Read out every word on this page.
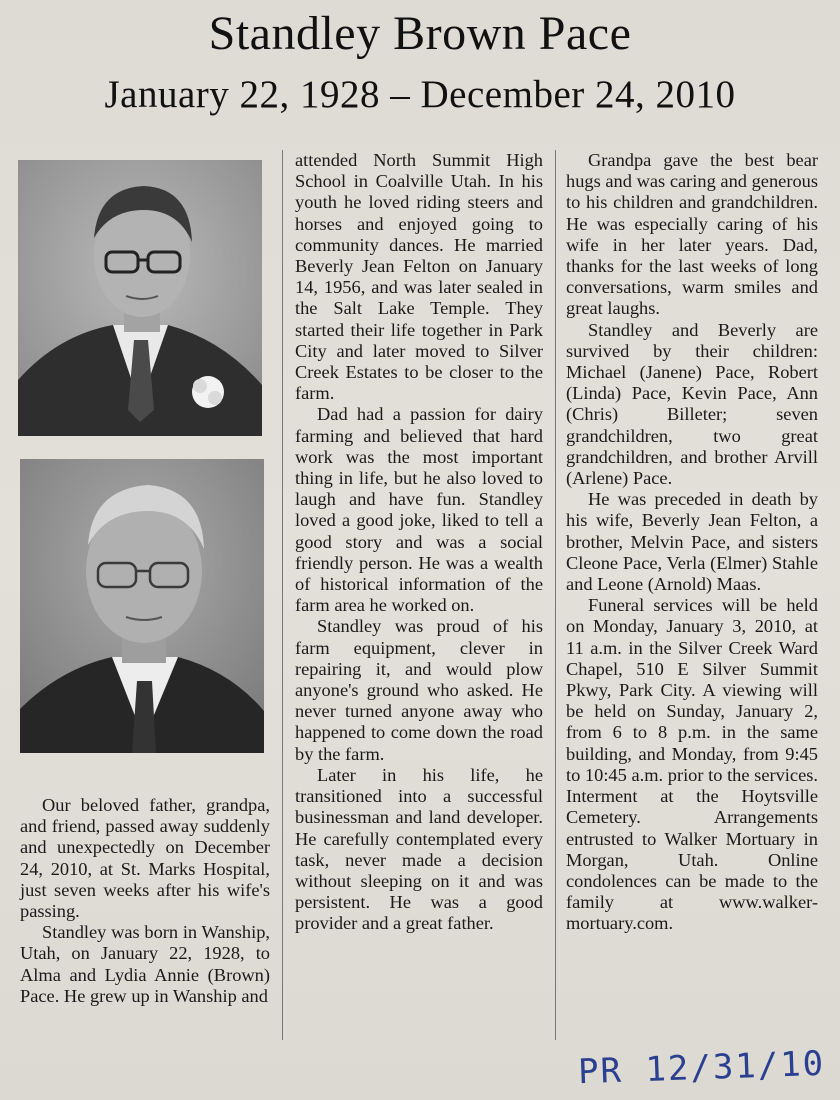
Standley Brown Pace
January 22, 1928 – December 24, 2010

Our beloved father, grandpa, and friend, passed away suddenly and unexpectedly on December 24, 2010, at St. Marks Hospital, just seven weeks after his wife's passing.

Standley was born in Wanship, Utah, on January 22, 1928, to Alma and Lydia Annie (Brown) Pace. He grew up in Wanship and

attended North Summit High School in Coalville Utah. In his youth he loved riding steers and horses and enjoyed going to community dances. He married Beverly Jean Felton on January 14, 1956, and was later sealed in the Salt Lake Temple. They started their life together in Park City and later moved to Silver Creek Estates to be closer to the farm.

Dad had a passion for dairy farming and believed that hard work was the most important thing in life, but he also loved to laugh and have fun. Standley loved a good joke, liked to tell a good story and was a social friendly person. He was a wealth of historical information of the farm area he worked on.

Standley was proud of his farm equipment, clever in repairing it, and would plow anyone's ground who asked. He never turned anyone away who happened to come down the road by the farm.

Later in his life, he transitioned into a successful businessman and land developer. He carefully contemplated every task, never made a decision without sleeping on it and was persistent. He was a good provider and a great father.

Grandpa gave the best bear hugs and was caring and generous to his children and grandchildren. He was especially caring of his wife in her later years. Dad, thanks for the last weeks of long conversations, warm smiles and great laughs.

Standley and Beverly are survived by their children: Michael (Janene) Pace, Robert (Linda) Pace, Kevin Pace, Ann (Chris) Billeter; seven grandchildren, two great grandchildren, and brother Arvill (Arlene) Pace.

He was preceded in death by his wife, Beverly Jean Felton, a brother, Melvin Pace, and sisters Cleone Pace, Verla (Elmer) Stahle and Leone (Arnold) Maas.

Funeral services will be held on Monday, January 3, 2010, at 11 a.m. in the Silver Creek Ward Chapel, 510 E Silver Summit Pkwy, Park City. A viewing will be held on Sunday, January 2, from 6 to 8 p.m. in the same building, and Monday, from 9:45 to 10:45 a.m. prior to the services. Interment at the Hoytsville Cemetery. Arrangements entrusted to Walker Mortuary in Morgan, Utah. Online condolences can be made to the family at www.walker-mortuary.com.

PR 12/31/10
